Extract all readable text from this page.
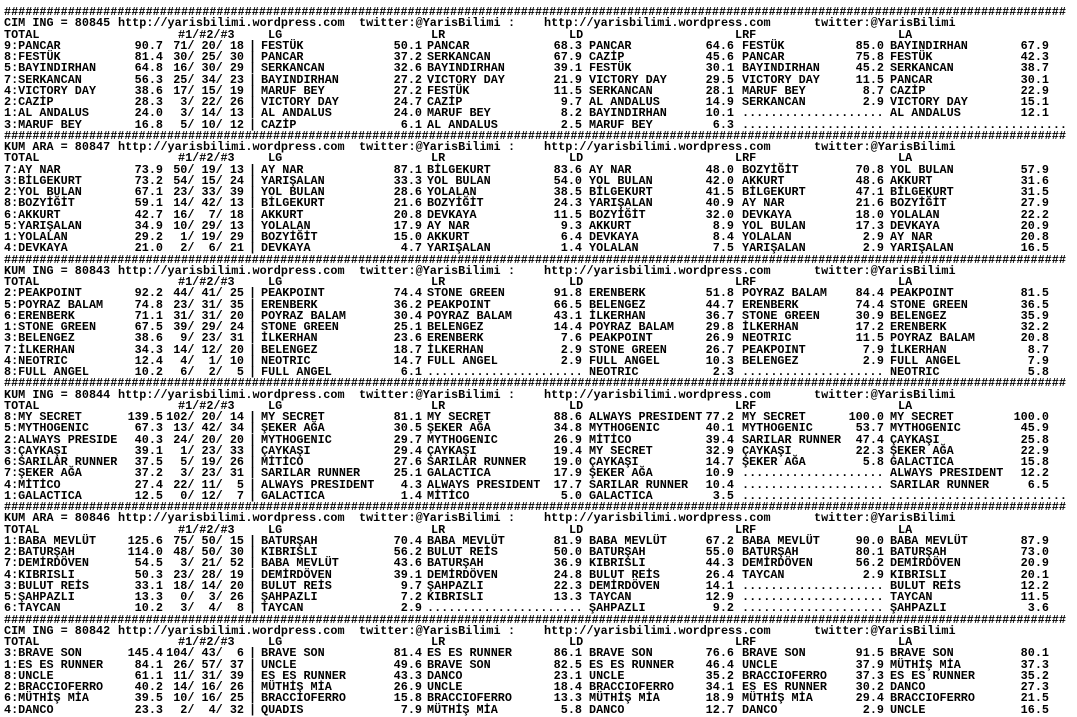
######################################################################################################################################################
CIM ING = 80845 http://yarisbilimi.wordpress.com twitter:@YarisBilimi : http://yarisbilimi.wordpress.com	twitter:@YarisBilimi
TOTAL	#1/#2/#3	LG	LR	LD	LRF	LA
9:PANCAR	90.7 71/ 20/ 18 | FESTÜK	50.1 PANCAR	68.3 PANCAR	64.6 FESTÜK	85.0 BAYINDIRHAN	67.9
8:FESTÜK	81.4 30/ 25/ 30 | PANCAR	37.2 SERKANCAN	67.9 CAZİP	45.6 PANCAR	75.8 FESTÜK	42.3
5:BAYINDIRHAN	64.8 16/ 30/ 29 | SERKANCAN	32.6 BAYINDIRHAN	39.1 FESTÜK	30.1 BAYINDIRHAN	45.2 SERKANCAN	38.7
7:SERKANCAN	56.3 25/ 34/ 23 | BAYINDIRHAN	27.2 VICTORY DAY	21.9 VICTORY DAY	29.5 VICTORY DAY	11.5 PANCAR	30.1
4:VICTORY DAY	38.6 17/ 15/ 19 | MARUF BEY	27.2 FESTÜK	11.5 SERKANCAN	28.1 MARUF BEY	8.7 CAZİP	22.9
2:CAZİP	28.3 3/ 22/ 26 | VICTORY DAY	24.7 CAZİP	9.7 AL ANDALUS	14.9 SERKANCAN	2.9 VICTORY DAY	15.1
1:AL ANDALUS	24.0 3/ 14/ 13 | AL ANDALUS	24.0 MARUF BEY	8.2 BAYINDIRHAN	10.1 .................... AL ANDALUS	12.1
3:MARUF BEY	16.8 5/ 10/ 12 | CAZİP	6.1 AL ANDALUS	2.5 MARUF BEY	6.3 .................... .........................
######################################################################################################################################################
KUM ARA = 80847 http://yarisbilimi.wordpress.com twitter:@YarisBilimi : http://yarisbilimi.wordpress.com	twitter:@YarisBilimi
TOTAL	#1/#2/#3	LG	LR	LD	LRF	LA
7:AY NAR	73.9 50/ 19/ 13 | AY NAR	87.1 BİLGEKURT	83.6 AY NAR	48.0 BOZYİĞİT	70.8 YOL BULAN	57.9
3:BİLGEKURT	73.2 54/ 15/ 24 | YARIŞALAN	33.3 YOL BULAN	54.0 YOL BULAN	42.0 AKKURT	48.6 AKKURT	31.6
2:YOL BULAN	67.1 23/ 33/ 39 | YOL BULAN	28.6 YOLALAN	38.5 BİLGEKURT	41.5 BİLGEKURT	47.1 BİLGEKURT	31.5
8:BOZYİĞİT	59.1 14/ 42/ 13 | BİLGEKURT	21.6 BOZYİĞİT	24.3 YARIŞALAN	40.9 AY NAR	21.6 BOZYİĞİT	27.9
6:AKKURT	42.7 16/  7/ 18 | AKKURT	20.8 DEVKAYA	11.5 BOZYİĞİT	32.0 DEVKAYA	18.0 YOLALAN	22.2
5:YARIŞALAN	34.9 10/ 29/ 13 | YOLALAN	17.9 AY NAR	9.3 AKKURT	8.9 YOL BULAN	17.3 DEVKAYA	20.9
1:YOLALAN	29.2 1/ 19/ 29 | BOZYİĞİT	15.0 AKKURT	6.4 DEVKAYA	8.4 YOLALAN	2.9 AY NAR	20.8
4:DEVKAYA	21.0 2/  6/ 21 | DEVKAYA	4.7 YARIŞALAN	1.4 YOLALAN	7.5 YARIŞALAN	2.9 YARIŞALAN	16.5
######################################################################################################################################################
KUM ING = 80843 http://yarisbilimi.wordpress.com twitter:@YarisBilimi : http://yarisbilimi.wordpress.com	twitter:@YarisBilimi
TOTAL	#1/#2/#3	LG	LR	LD	LRF	LA
2:PEAKPOINT	92.2 44/ 41/ 25 | PEAKPOINT	74.4 STONE GREEN	91.8 ERENBERK	51.8 POYRAZ BALAM 84.4 PEAKPOINT	81.5
5:POYRAZ BALAM	74.8 23/ 31/ 35 | ERENBERK	36.2 PEAKPOINT	66.5 BELENGEZ	44.7 ERENBERK	74.4 STONE GREEN	36.5
6:ERENBERK	71.1 31/ 31/ 20 | POYRAZ BALAM	30.4 POYRAZ BALAM	43.1 İLKERHAN	36.7 STONE GREEN	30.9 BELENGEZ	35.9
1:STONE GREEN	67.5 39/ 29/ 24 | STONE GREEN	25.1 BELENGEZ	14.4 POYRAZ BALAM	29.8 İLKERHAN	17.2 ERENBERK	32.2
3:BELENGEZ	38.6 9/ 23/ 31 | İLKERHAN	23.6 ERENBERK	7.6 PEAKPOINT	26.9 NEOTRIC	11.5 POYRAZ BALAM	20.8
7:İLKERHAN	34.3 14/ 12/ 20 | BELENGEZ	18.7 İLKERHAN	2.9 STONE GREEN	26.7 PEAKPOINT	7.9 İLKERHAN	8.7
4:NEOTRIC	12.4 4/  1/ 10 | NEOTRIC	14.7 FULL ANGEL	2.9 FULL ANGEL	10.3 BELENGEZ	2.9 FULL ANGEL	7.9
8:FULL ANGEL	10.2 6/  2/  5 | FULL ANGEL	6.1 ...................... NEOTRIC	2.3 .................... NEOTRIC	5.8
######################################################################################################################################################
KUM ING = 80844 http://yarisbilimi.wordpress.com twitter:@YarisBilimi : http://yarisbilimi.wordpress.com	twitter:@YarisBilimi
TOTAL	#1/#2/#3	LG	LR	LD	LRF	LA
8:MY SECRET	139.5 102/ 20/ 14 | MY SECRET	81.1 MY SECRET	88.6 ALWAYS PRESIDENT 77.2 MY SECRET	100.0 MY SECRET	100.0
5:MYTHOGENIC	67.3 13/ 42/ 34 | ŞEKER AĞA	30.5 ŞEKER AĞA	34.8 MYTHOGENIC	40.1 MYTHOGENIC	53.7 MYTHOGENIC	45.9
2:ALWAYS PRESIDE 40.3 24/ 20/ 20 | MYTHOGENIC	29.7 MYTHOGENIC	26.9 MİTİCO	39.4 SARILAR RUNNER 47.4 ÇAYKAŞI	25.8
3:ÇAYKAŞI	39.1 1/ 23/ 33 | ÇAYKAŞI	29.4 ÇAYKAŞI	19.4 MY SECRET	32.9 ÇAYKAŞI	22.3 ŞEKER AĞA	22.9
6:SARILAR RUNNER 37.5 5/ 19/ 26 | MİTİCO	27.6 SARILAR RUNNER 19.0 ÇAYKAŞI	14.7 ŞEKER AĞA	5.8 GALACTICA	15.8
7:ŞEKER AĞA	37.2 3/ 23/ 31 | SARILAR RUNNER	25.1 GALACTICA	17.9 ŞEKER AĞA	10.9 .................... ALWAYS PRESIDENT 12.2
4:MİTİCO	27.4 22/ 11/  5 | ALWAYS PRESIDENT 4.3 ALWAYS PRESIDENT 17.7 SARILAR RUNNER 10.4 .................... SARILAR RUNNER	6.5
1:GALACTICA	12.5 0/ 12/  7 | GALACTICA	1.4 MİTİCO	5.0 GALACTICA	3.5 .................... .........................
######################################################################################################################################################
KUM ARA = 80846 http://yarisbilimi.wordpress.com twitter:@YarisBilimi : http://yarisbilimi.wordpress.com	twitter:@YarisBilimi
TOTAL	#1/#2/#3	LG	LR	LD	LRF	LA
1:BABA MEVLÜT	125.6 75/ 50/ 15 | BATURŞAH	70.4 BABA MEVLÜT	81.9 BABA MEVLÜT	67.2 BABA MEVLÜT	90.0 BABA MEVLÜT	87.9
2:BATURŞAH	114.0 48/ 50/ 30 | KIBRISLI	56.2 BULUT REİS	50.0 BATURŞAH	55.0 BATURŞAH	80.1 BATURŞAH	73.0
7:DEMİRDÖVEN	54.5 3/ 21/ 52 | BABA MEVLÜT	43.6 BATURŞAH	36.9 KIBRISLI	44.3 DEMİRDÖVEN	56.2 DEMİRDÖVEN	20.9
4:KIBRISLI	50.3 23/ 28/ 19 | DEMİRDÖVEN	39.1 DEMİRDÖVEN	24.8 BULUT REİS	26.4 TAYCAN	2.9 KIBRISLI	20.1
3:BULUT REİS	33.1 18/ 14/ 20 | BULUT REİS	9.7 ŞAHPAZLI	22.3 DEMİRDÖVEN	14.1 .................... BULUT REİS	12.2
5:ŞAHPAZLI	13.3 0/  3/ 26 | ŞAHPAZLI	7.2 KIBRISLI	13.3 TAYCAN	12.9 .................... TAYCAN	11.5
6:TAYCAN	10.2 3/  4/  8 | TAYCAN	2.9 ...................... ŞAHPAZLI	9.2 .................... ŞAHPAZLI	3.6
######################################################################################################################################################
CIM ING = 80842 http://yarisbilimi.wordpress.com twitter:@YarisBilimi : http://yarisbilimi.wordpress.com	twitter:@YarisBilimi
TOTAL	#1/#2/#3	LG	LR	LD	LRF	LA
3:BRAVE SON	145.4 104/ 43/  6 | BRAVE SON	81.4 ES ES RUNNER	86.1 BRAVE SON	76.6 BRAVE SON	91.5 BRAVE SON	80.1
1:ES ES RUNNER	84.1 26/ 57/ 37 | UNCLE	49.6 BRAVE SON	82.5 ES ES RUNNER	46.4 UNCLE	37.9 MÜTHİŞ MİA	37.3
8:UNCLE	61.1 11/ 31/ 39 | ES ES RUNNER	43.3 DANCO	23.1 UNCLE	35.2 BRACCIOFERRO 37.3 ES ES RUNNER	35.2
2:BRACCIOFERRO	40.2 14/ 16/ 26 | MÜTHİŞ MİA	26.9 UNCLE	18.4 BRACCIOFERRO	34.1 ES ES RUNNER 30.2 DANCO	27.3
6:MÜTHİŞ MİA	39.5 10/ 16/ 25 | BRACCIOFERRO	15.8 BRACCIOFERRO	13.3 MÜTHİŞ MİA	18.9 MÜTHİŞ MİA	29.4 BRACCIOFERRO	21.5
4:DANCO	23.3 2/  4/ 32 | QUADIS	7.9 MÜTHİŞ MİA	5.8 DANCO	12.7 DANCO	2.9 UNCLE	16.5
